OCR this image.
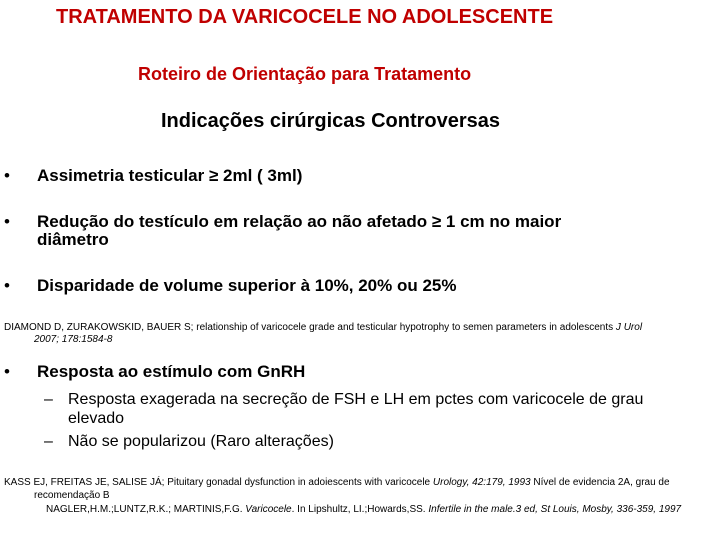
TRATAMENTO DA VARICOCELE NO ADOLESCENTE
Roteiro de Orientação para Tratamento
Indicações cirúrgicas Controversas
• Assimetria testicular ≥ 2ml ( 3ml)
• Redução do testículo em relação ao não afetado ≥ 1 cm no maior
diâmetro
• Disparidade de volume superior à 10%, 20% ou 25%
DIAMOND D, ZURAKOWSKID, BAUER S; relationship of varicocele grade and testicular hypotrophy to semen parameters in adolescents J Urol
2007; 178:1584-8
• Resposta ao estímulo com GnRH
– Resposta exagerada na secreção de FSH e LH em pctes com varicocele de grau
elevado
– Não se popularizou (Raro alterações)
KASS EJ, FREITAS JE, SALISE JÁ; Pituitary gonadal dysfunction in adoiescents with varicocele Urology, 42:179, 1993 Nível de evidencia 2A, grau de
recomendação B
NAGLER,H.M.;LUNTZ,R.K.; MARTINIS,F.G. Varicocele. In Lipshultz, LI.;Howards,SS. Infertile in the male.3 ed, St Louis, Mosby, 336-359, 1997
